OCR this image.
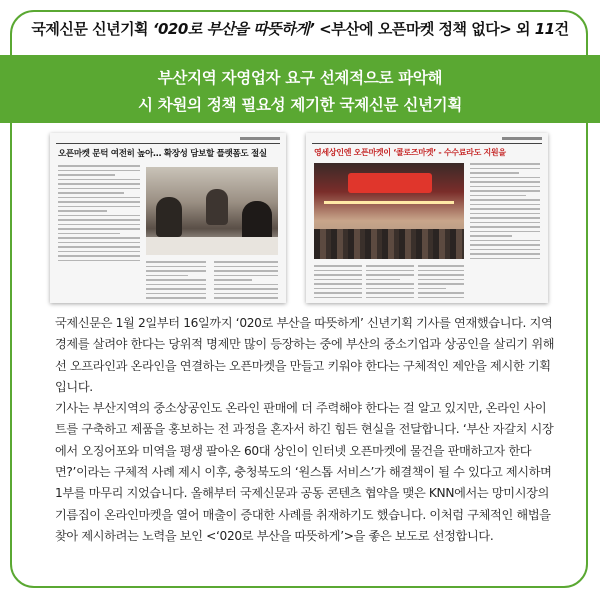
국제신문 신년기획 ‘020로 부산을 따뜻하게’ <부산에 오픈마켓 정책 없다> 외 11건
부산지역 자영업자 요구 선제적으로 파악해
시 차원의 정책 필요성 제기한 국제신문 신년기획
오픈마켓 문턱 여전히 높아… 확장성 담보할 플랫폼도 절실	영세상인엔 오픈마켓이 ‘콜로즈마켓’ - 수수료라도 지원을

국제신문은 1월 2일부터 16일까지 ‘020로 부산을 따뜻하게’ 신년기획 기사를 연재했습니다. 지역경제를 살려야 한다는 당위적 명제만 많이 등장하는 중에 부산의 중소기업과 상공인을 살리기 위해선 오프라인과 온라인을 연결하는 오픈마켓을 만들고 키워야 한다는 구체적인 제안을 제시한 기획입니다.

기사는 부산지역의 중소상공인도 온라인 판매에 더 주력해야 한다는 걸 알고 있지만, 온라인 사이트를 구축하고 제품을 홍보하는 전 과정을 혼자서 하긴 힘든 현실을 전달합니다. ‘부산 자갈치 시장에서 오징어포와 미역을 평생 팔아온 60대 상인이 인터넷 오픈마켓에 물건을 판매하고자 한다면?’이라는 구체적 사례 제시 이후, 충청북도의 ‘원스톱 서비스’가 해결책이 될 수 있다고 제시하며 1부를 마무리 지었습니다. 올해부터 국제신문과 공동 콘텐츠 협약을 맺은 KNN에서는 망미시장의 기름집이 온라인마켓을 열어 매출이 증대한 사례를 취재하기도 했습니다. 이처럼 구체적인 해법을 찾아 제시하려는 노력을 보인 <‘020로 부산을 따뜻하게’>을 좋은 보도로 선정합니다.
